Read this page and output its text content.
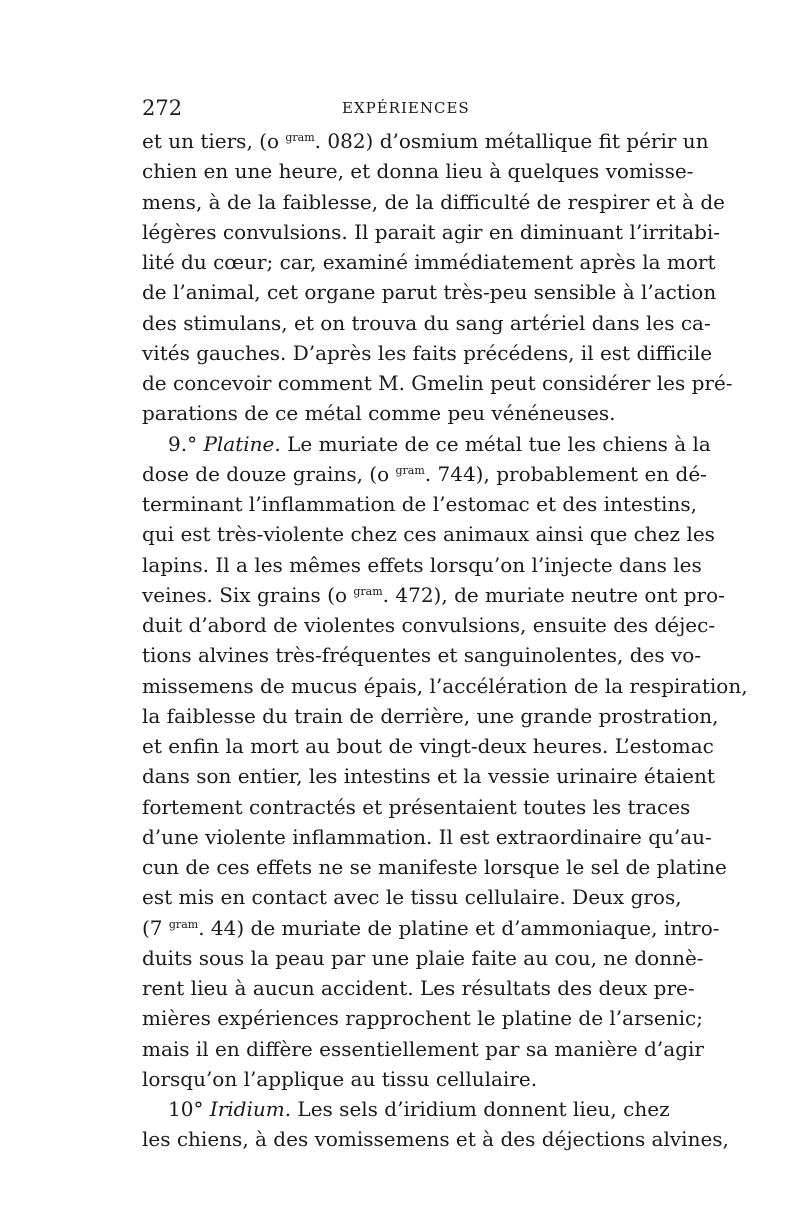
272	EXPÉRIENCES
et un tiers, (o $^{gram}$. 082) d’osmium métallique fit périr un
chien en une heure, et donna lieu à quelques vomisse-
mens, à de la faiblesse, de la difficulté de respirer et à de
légères convulsions. Il parait agir en diminuant l’irritabi-
lité du cœur; car, examiné immédiatement après la mort
de l’animal, cet organe parut très-peu sensible à l’action
des stimulans, et on trouva du sang artériel dans les ca-
vités gauches. D’après les faits précédens, il est difficile
de concevoir comment M. Gmelin peut considérer les pré-
parations de ce métal comme peu vénéneuses.
9.° Platine. Le muriate de ce métal tue les chiens à la
dose de douze grains, (o $^{gram}$. 744), probablement en dé-
terminant l’inflammation de l’estomac et des intestins,
qui est très-violente chez ces animaux ainsi que chez les
lapins. Il a les mêmes effets lorsqu’on l’injecte dans les
veines. Six grains (o $^{gram}$. 472), de muriate neutre ont pro-
duit d’abord de violentes convulsions, ensuite des déjec-
tions alvines très-fréquentes et sanguinolentes, des vo-
missemens de mucus épais, l’accélération de la respiration,
la faiblesse du train de derrière, une grande prostration,
et enfin la mort au bout de vingt-deux heures. L’estomac
dans son entier, les intestins et la vessie urinaire étaient
fortement contractés et présentaient toutes les traces
d’une violente inflammation. Il est extraordinaire qu’au-
cun de ces effets ne se manifeste lorsque le sel de platine
est mis en contact avec le tissu cellulaire. Deux gros,
(7 $^{gram}$. 44) de muriate de platine et d’ammoniaque, intro-
duits sous la peau par une plaie faite au cou, ne donnè-
rent lieu à aucun accident. Les résultats des deux pre-
mières expériences rapprochent le platine de l’arsenic;
mais il en diffère essentiellement par sa manière d’agir
lorsqu’on l’applique au tissu cellulaire.
10° Iridium. Les sels d’iridium donnent lieu, chez
les chiens, à des vomissemens et à des déjections alvines,
